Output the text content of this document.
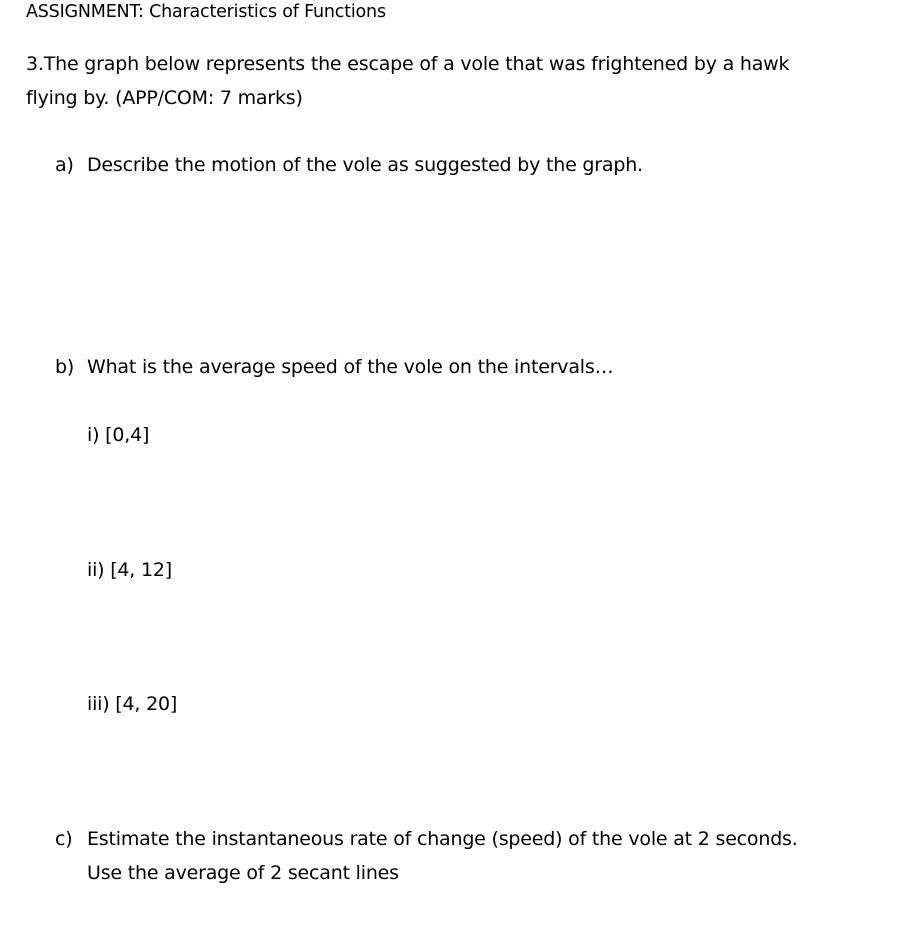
ASSIGNMENT: Characteristics of Functions
3.The graph below represents the escape of a vole that was frightened by a hawk
flying by. (APP/COM: 7 marks)
a) Describe the motion of the vole as suggested by the graph.
b) What is the average speed of the vole on the intervals…
i) [0,4]
ii) [4, 12]
iii) [4, 20]
c) Estimate the instantaneous rate of change (speed) of the vole at 2 seconds.
Use the average of 2 secant lines
